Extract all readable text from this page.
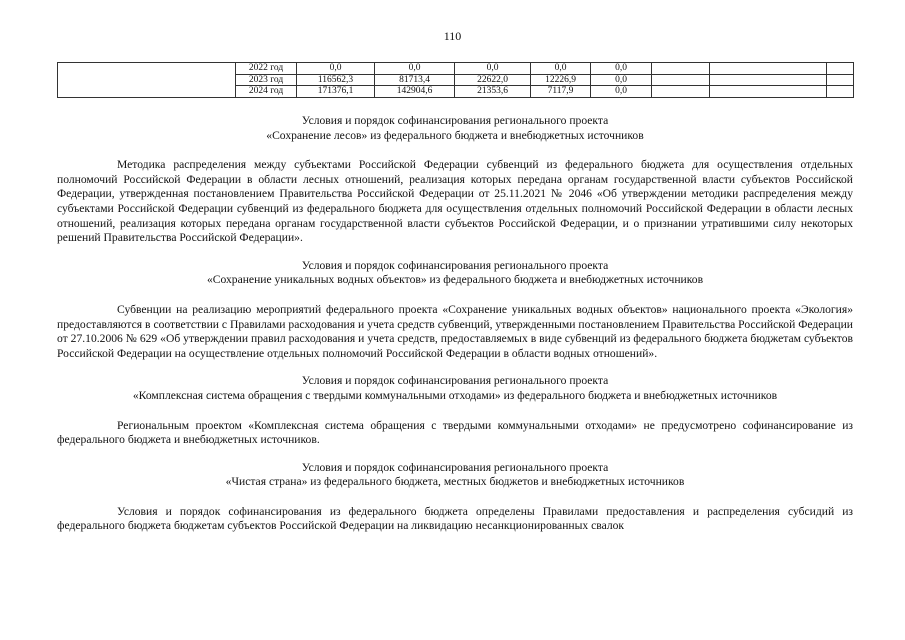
110
	2022 год	0,0	0,0	0,0	0,0	0,0			
	2023 год	116562,3	81713,4	22622,0	12226,9	0,0			
	2024 год	171376,1	142904,6	21353,6	7117,9	0,0			

Условия и порядок софинансирования регионального проекта

«Сохранение лесов» из федерального бюджета и внебюджетных источников

Методика распределения между субъектами Российской Федерации субвенций из федерального бюджета для осуществления отдельных полномочий Российской Федерации в области лесных отношений, реализация которых передана органам государственной власти субъектов Российской Федерации, утвержденная постановлением Правительства Российской Федерации от 25.11.2021 № 2046 «Об утверждении методики распределения между субъектами Российской Федерации субвенций из федерального бюджета для осуществления отдельных полномочий Российской Федерации в области лесных отношений, реализация которых передана органам государственной власти субъектов Российской Федерации, и о признании утратившими силу некоторых решений Правительства Российской Федерации».

Условия и порядок софинансирования регионального проекта

«Сохранение уникальных водных объектов» из федерального бюджета и внебюджетных источников

Субвенции на реализацию мероприятий федерального проекта «Сохранение уникальных водных объектов» национального проекта «Экология» предоставляются в соответствии с Правилами расходования и учета средств субвенций, утвержденными постановлением Правительства Российской Федерации от 27.10.2006 № 629 «Об утверждении правил расходования и учета средств, предоставляемых в виде субвенций из федерального бюджета бюджетам субъектов Российской Федерации на осуществление отдельных полномочий Российской Федерации в области водных отношений».

Условия и порядок софинансирования регионального проекта

«Комплексная система обращения с твердыми коммунальными отходами» из федерального бюджета и внебюджетных источников

Региональным проектом «Комплексная система обращения с твердыми коммунальными отходами» не предусмотрено софинансирование из федерального бюджета и внебюджетных источников.

Условия и порядок софинансирования регионального проекта

«Чистая страна» из федерального бюджета, местных бюджетов и внебюджетных источников

Условия и порядок софинансирования из федерального бюджета определены Правилами предоставления и распределения субсидий из федерального бюджета бюджетам субъектов Российской Федерации на ликвидацию несанкционированных свалок
